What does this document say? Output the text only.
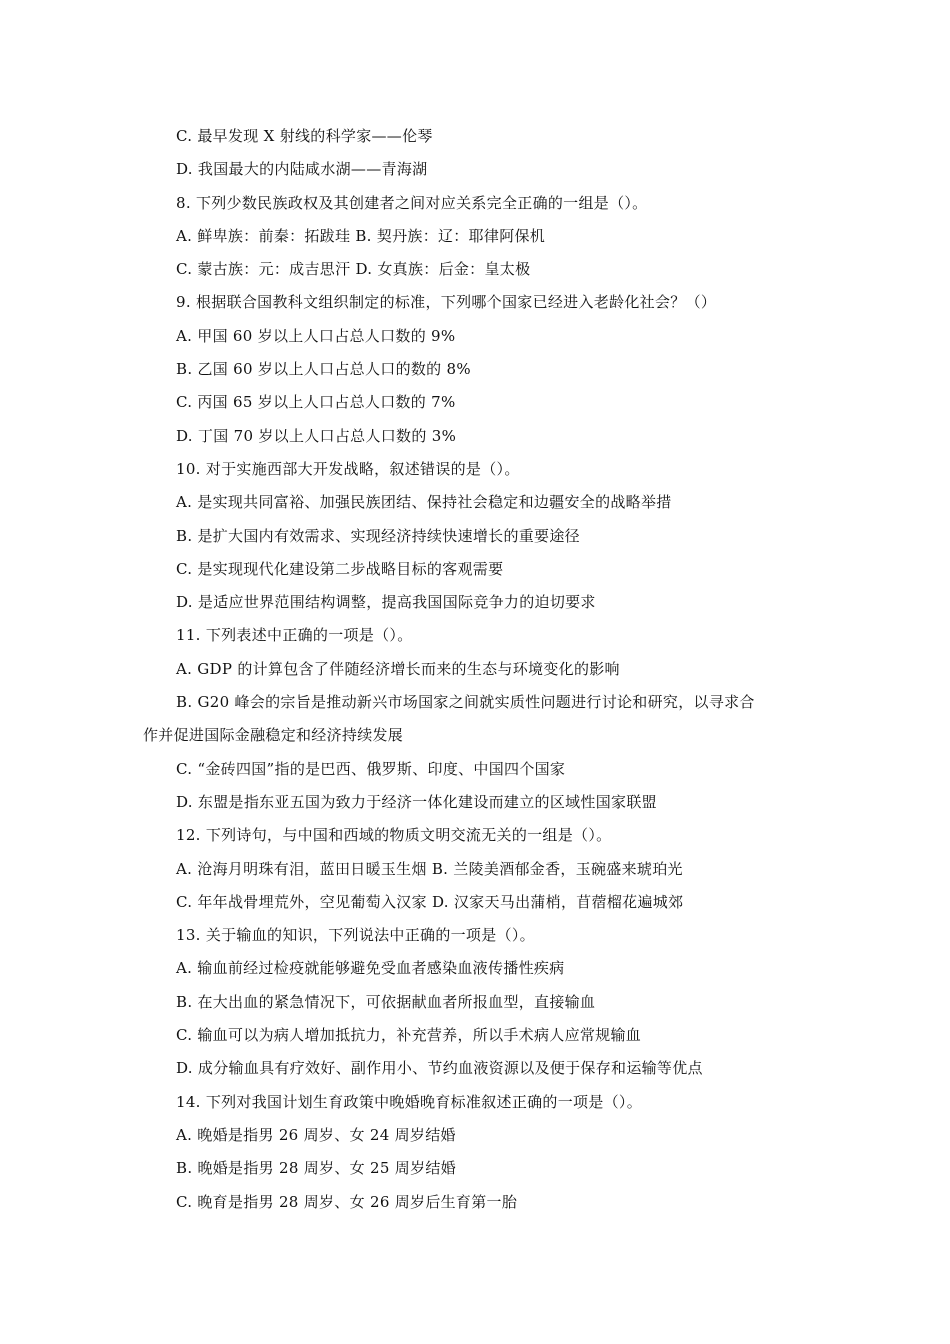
C. 最早发现 X 射线的科学家——伦琴
D. 我国最大的内陆咸水湖——青海湖
8. 下列少数民族政权及其创建者之间对应关系完全正确的一组是（）。
A. 鲜卑族：前秦：拓跋珪 B. 契丹族：辽：耶律阿保机
C. 蒙古族：元：成吉思汗 D. 女真族：后金：皇太极
9. 根据联合国教科文组织制定的标准，下列哪个国家已经进入老龄化社会？（）
A. 甲国 60 岁以上人口占总人口数的 9%
B. 乙国 60 岁以上人口占总人口的数的 8%
C. 丙国 65 岁以上人口占总人口数的 7%
D. 丁国 70 岁以上人口占总人口数的 3%
10. 对于实施西部大开发战略，叙述错误的是（）。
A. 是实现共同富裕、加强民族团结、保持社会稳定和边疆安全的战略举措
B. 是扩大国内有效需求、实现经济持续快速增长的重要途径
C. 是实现现代化建设第二步战略目标的客观需要
D. 是适应世界范围结构调整，提高我国国际竞争力的迫切要求
11. 下列表述中正确的一项是（）。
A. GDP 的计算包含了伴随经济增长而来的生态与环境变化的影响
B. G20 峰会的宗旨是推动新兴市场国家之间就实质性问题进行讨论和研究，以寻求合
作并促进国际金融稳定和经济持续发展
C. “金砖四国”指的是巴西、俄罗斯、印度、中国四个国家
D. 东盟是指东亚五国为致力于经济一体化建设而建立的区域性国家联盟
12. 下列诗句，与中国和西域的物质文明交流无关的一组是（）。
A. 沧海月明珠有泪，蓝田日暖玉生烟 B. 兰陵美酒郁金香，玉碗盛来琥珀光
C. 年年战骨埋荒外，空见葡萄入汉家 D. 汉家天马出蒲梢，苜蓿榴花遍城郊
13. 关于输血的知识，下列说法中正确的一项是（）。
A. 输血前经过检疫就能够避免受血者感染血液传播性疾病
B. 在大出血的紧急情况下，可依据献血者所报血型，直接输血
C. 输血可以为病人增加抵抗力，补充营养，所以手术病人应常规输血
D. 成分输血具有疗效好、副作用小、节约血液资源以及便于保存和运输等优点
14. 下列对我国计划生育政策中晚婚晚育标准叙述正确的一项是（）。
A. 晚婚是指男 26 周岁、女 24 周岁结婚
B. 晚婚是指男 28 周岁、女 25 周岁结婚
C. 晚育是指男 28 周岁、女 26 周岁后生育第一胎
